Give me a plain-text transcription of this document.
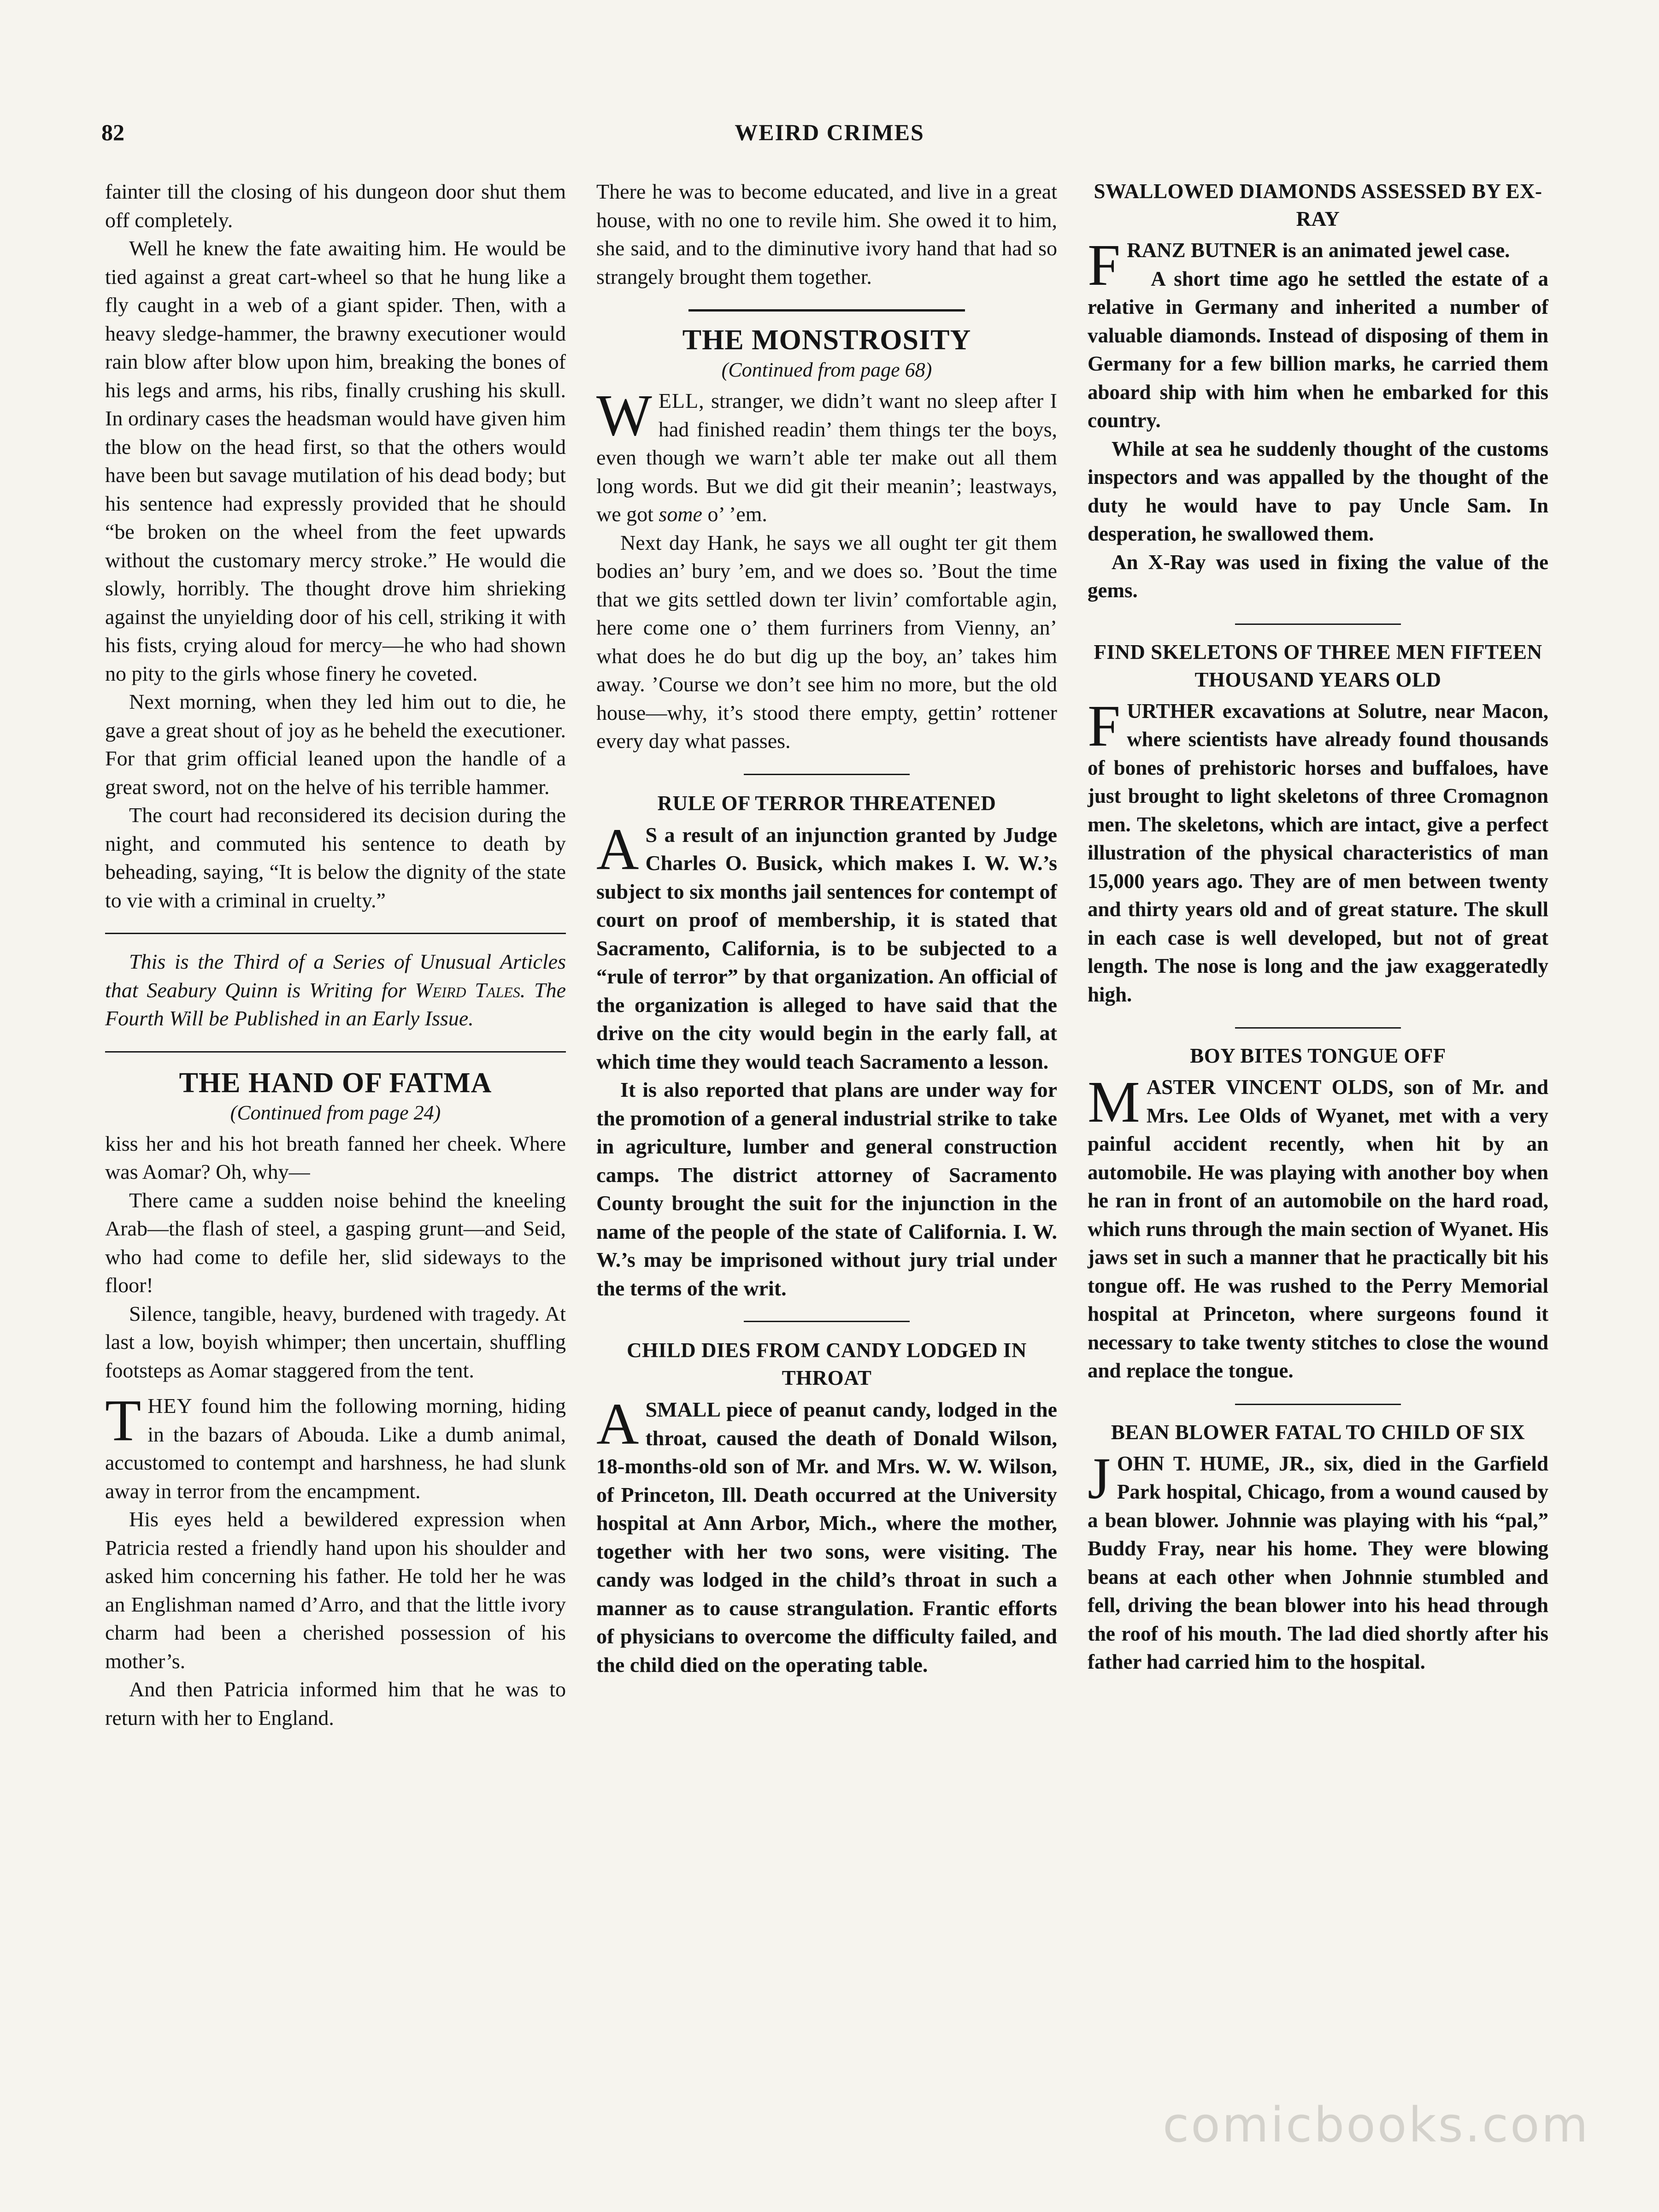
82	WEIRD CRIMES

fainter till the closing of his dungeon door shut them off completely.

Well he knew the fate awaiting him. He would be tied against a great cart-wheel so that he hung like a fly caught in a web of a giant spider. Then, with a heavy sledge-hammer, the brawny executioner would rain blow after blow upon him, breaking the bones of his legs and arms, his ribs, finally crushing his skull. In ordinary cases the headsman would have given him the blow on the head first, so that the others would have been but savage mutilation of his dead body; but his sentence had expressly provided that he should “be broken on the wheel from the feet upwards without the customary mercy stroke.” He would die slowly, horribly. The thought drove him shrieking against the unyielding door of his cell, striking it with his fists, crying aloud for mercy—he who had shown no pity to the girls whose finery he coveted.

Next morning, when they led him out to die, he gave a great shout of joy as he beheld the executioner. For that grim official leaned upon the handle of a great sword, not on the helve of his terrible hammer.

The court had reconsidered its decision during the night, and commuted his sentence to death by beheading, saying, “It is below the dignity of the state to vie with a criminal in cruelty.”

This is the Third of a Series of Unusual Articles that Seabury Quinn is Writing for Weird Tales. The Fourth Will be Published in an Early Issue.

THE HAND OF FATMA
(Continued from page 24)

kiss her and his hot breath fanned her cheek. Where was Aomar? Oh, why—

There came a sudden noise behind the kneeling Arab—the flash of steel, a gasping grunt—and Seid, who had come to defile her, slid sideways to the floor!

Silence, tangible, heavy, burdened with tragedy. At last a low, boyish whimper; then uncertain, shuffling footsteps as Aomar staggered from the tent.

THEY found him the following morning, hiding in the bazars of Abouda. Like a dumb animal, accustomed to contempt and harshness, he had slunk away in terror from the encampment.

His eyes held a bewildered expression when Patricia rested a friendly hand upon his shoulder and asked him concerning his father. He told her he was an Englishman named d’Arro, and that the little ivory charm had been a cherished possession of his mother’s.

And then Patricia informed him that he was to return with her to England.

There he was to become educated, and live in a great house, with no one to revile him. She owed it to him, she said, and to the diminutive ivory hand that had so strangely brought them together.

THE MONSTROSITY
(Continued from page 68)

WELL, stranger, we didn’t want no sleep after I had finished readin’ them things ter the boys, even though we warn’t able ter make out all them long words. But we did git their meanin’; leastways, we got some o’ ’em.

Next day Hank, he says we all ought ter git them bodies an’ bury ’em, and we does so. ’Bout the time that we gits settled down ter livin’ comfortable agin, here come one o’ them furriners from Vienny, an’ what does he do but dig up the boy, an’ takes him away. ’Course we don’t see him no more, but the old house—why, it’s stood there empty, gettin’ rottener every day what passes.

RULE OF TERROR THREATENED

A S a result of an injunction granted by Judge Charles O. Busick, which makes I. W. W.’s subject to six months jail sentences for contempt of court on proof of membership, it is stated that Sacramento, California, is to be subjected to a “rule of terror” by that organization. An official of the organization is alleged to have said that the drive on the city would begin in the early fall, at which time they would teach Sacramento a lesson.

It is also reported that plans are under way for the promotion of a general industrial strike to take in agriculture, lumber and general construction camps. The district attorney of Sacramento County brought the suit for the injunction in the name of the people of the state of California. I. W. W.’s may be imprisoned without jury trial under the terms of the writ.

CHILD DIES FROM CANDY LODGED IN THROAT

ASMALL piece of peanut candy, lodged in the throat, caused the death of Donald Wilson, 18-months-old son of Mr. and Mrs. W. W. Wilson, of Princeton, Ill. Death occurred at the University hospital at Ann Arbor, Mich., where the mother, together with her two sons, were visiting. The candy was lodged in the child’s throat in such a manner as to cause strangulation. Frantic efforts of physicians to overcome the difficulty failed, and the child died on the operating table.

SWALLOWED DIAMONDS ASSESSED BY EX-RAY

FRANZ BUTNER is an animated jewel case.

A short time ago he settled the estate of a relative in Germany and inherited a number of valuable diamonds. Instead of disposing of them in Germany for a few billion marks, he carried them aboard ship with him when he embarked for this country.

While at sea he suddenly thought of the customs inspectors and was appalled by the thought of the duty he would have to pay Uncle Sam. In desperation, he swallowed them.

An X-Ray was used in fixing the value of the gems.

FIND SKELETONS OF THREE MEN FIFTEEN THOUSAND YEARS OLD

FURTHER excavations at Solutre, near Macon, where scientists have already found thousands of bones of prehistoric horses and buffaloes, have just brought to light skeletons of three Cromagnon men. The skeletons, which are intact, give a perfect illustration of the physical characteristics of man 15,000 years ago. They are of men between twenty and thirty years old and of great stature. The skull in each case is well developed, but not of great length. The nose is long and the jaw exaggeratedly high.

BOY BITES TONGUE OFF

MASTER VINCENT OLDS, son of Mr. and Mrs. Lee Olds of Wyanet, met with a very painful accident recently, when hit by an automobile. He was playing with another boy when he ran in front of an automobile on the hard road, which runs through the main section of Wyanet. His jaws set in such a manner that he practically bit his tongue off. He was rushed to the Perry Memorial hospital at Princeton, where surgeons found it necessary to take twenty stitches to close the wound and replace the tongue.

BEAN BLOWER FATAL TO CHILD OF SIX

JOHN T. HUME, JR., six, died in the Garfield Park hospital, Chicago, from a wound caused by a bean blower. Johnnie was playing with his “pal,” Buddy Fray, near his home. They were blowing beans at each other when Johnnie stumbled and fell, driving the bean blower into his head through the roof of his mouth. The lad died shortly after his father had carried him to the hospital.

comicbooks.com
